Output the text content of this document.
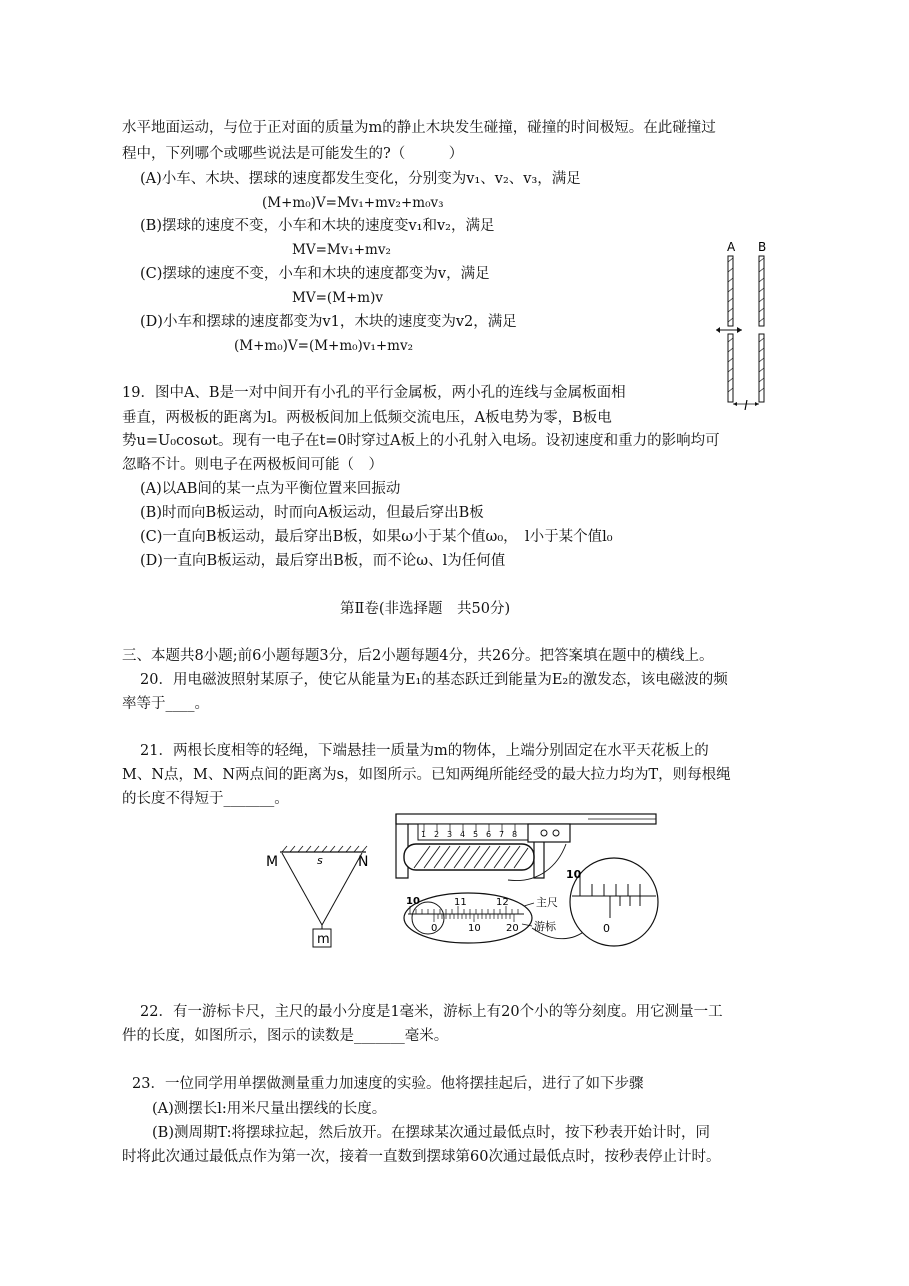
水平地面运动，与位于正对面的质量为m的静止木块发生碰撞，碰撞的时间极短。在此碰撞过
程中，下列哪个或哪些说法是可能发生的?（　　　）
(A)小车、木块、摆球的速度都发生变化，分别变为v₁、v₂、v₃，满足
(M+m₀)V=Mv₁+mv₂+m₀v₃
(B)摆球的速度不变，小车和木块的速度变v₁和v₂，满足
MV=Mv₁+mv₂
(C)摆球的速度不变，小车和木块的速度都变为v，满足
MV=(M+m)v
(D)小车和摆球的速度都变为v1，木块的速度变为v2，满足
(M+m₀)V=(M+m₀)v₁+mv₂
A B
l
19．图中A、B是一对中间开有小孔的平行金属板，两小孔的连线与金属板面相
垂直，两极板的距离为l。两极板间加上低频交流电压，A板电势为零，B板电
势u=U₀cosωt。现有一电子在t=0时穿过A板上的小孔射入电场。设初速度和重力的影响均可
忽略不计。则电子在两极板间可能（　）
(A)以AB间的某一点为平衡位置来回振动
(B)时而向B板运动，时而向A板运动，但最后穿出B板
(C)一直向B板运动，最后穿出B板，如果ω小于某个值ω₀，　l小于某个值l₀
(D)一直向B板运动，最后穿出B板，而不论ω、l为任何值
第Ⅱ卷(非选择题　共50分)
三、本题共8小题;前6小题每题3分，后2小题每题4分，共26分。把答案填在题中的横线上。
20．用电磁波照射某原子，使它从能量为E₁的基态跃迁到能量为E₂的激发态，该电磁波的频
率等于____。
21．两根长度相等的轻绳，下端悬挂一质量为m的物体，上端分别固定在水平天花板上的
M、N点，M、N两点间的距离为s，如图所示。已知两绳所能经受的最大拉力均为T，则每根绳
的长度不得短于_______。
M	N
s
m
1 2 3 4 5 6 7 8
10	11	12
0	10	20
主尺
游标
10
0
22．有一游标卡尺，主尺的最小分度是1毫米，游标上有20个小的等分刻度。用它测量一工
件的长度，如图所示，图示的读数是_______毫米。
23．一位同学用单摆做测量重力加速度的实验。他将摆挂起后，进行了如下步骤
(A)测摆长l:用米尺量出摆线的长度。
(B)测周期T:将摆球拉起，然后放开。在摆球某次通过最低点时，按下秒表开始计时，同
时将此次通过最低点作为第一次，接着一直数到摆球第60次通过最低点时，按秒表停止计时。
